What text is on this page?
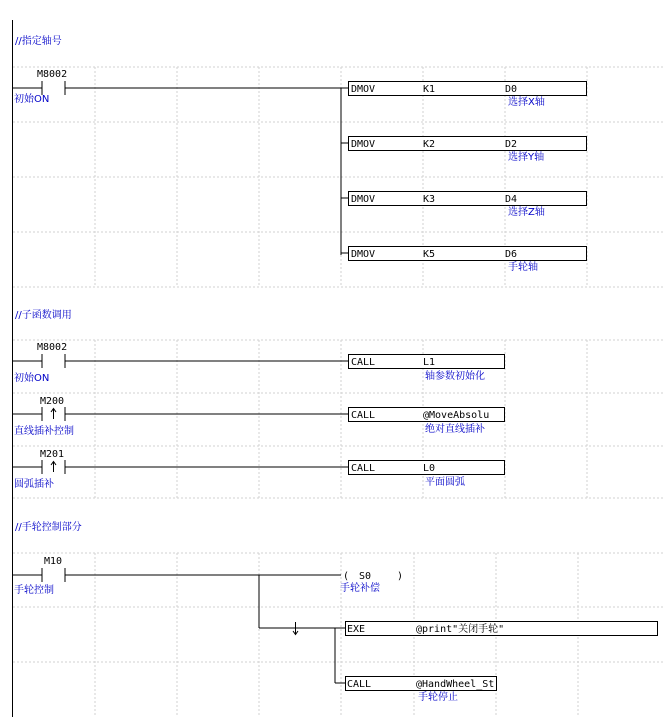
//指定轴号
//子函数调用
//手轮控制部分
M8002
初始ON
DMOV	K1	D0
选择X轴
DMOV	K2	D2
选择Y轴
DMOV	K3	D4
选择Z轴
DMOV	K5	D6
手轮轴
M8002
初始ON
CALL	L1
轴参数初始化
M200
直线插补控制
CALL	@MoveAbsolu
绝对直线插补
M201
圆弧插补
CALL	L0
平面圆弧
M10
手轮控制
( S0	)
手轮补偿
EXE	@print"关闭手轮"
CALL	@HandWheel_St
手轮停止
